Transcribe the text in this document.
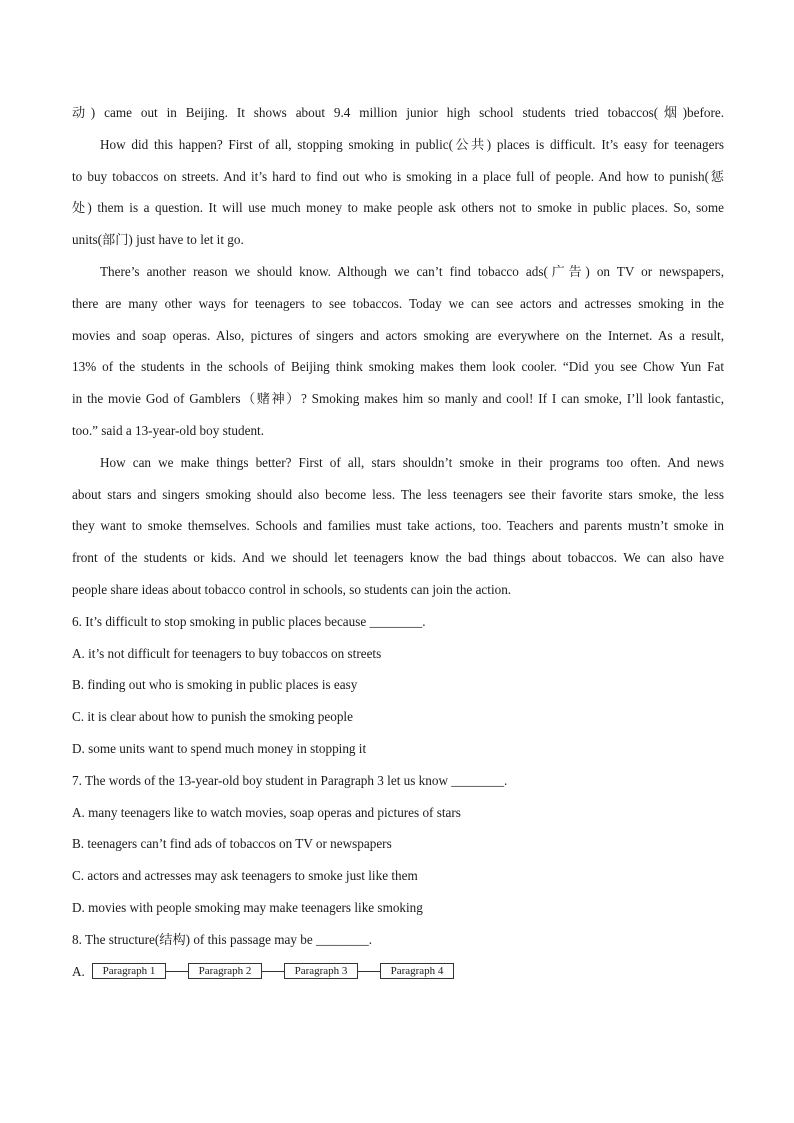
动) came out in Beijing. It shows about 9.4 million junior high school students tried tobaccos(烟)before.
How did this happen? First of all, stopping smoking in public(公共) places is difficult. It’s easy for teenagers
to buy tobaccos on streets. And it’s hard to find out who is smoking in a place full of people. And how to punish(惩
处) them is a question. It will use much money to make people ask others not to smoke in public places. So, some
units(部门) just have to let it go.
There’s another reason we should know. Although we can’t find tobacco ads(广告) on TV or newspapers,
there are many other ways for teenagers to see tobaccos. Today we can see actors and actresses smoking in the
movies and soap operas. Also, pictures of singers and actors smoking are everywhere on the Internet. As a result,
13% of the students in the schools of Beijing think smoking makes them look cooler. “Did you see Chow Yun Fat
in the movie God of Gamblers（赌神）? Smoking makes him so manly and cool! If I can smoke, I’ll look fantastic,
too.” said a 13-year-old boy student.
How can we make things better? First of all, stars shouldn’t smoke in their programs too often. And news
about stars and singers smoking should also become less. The less teenagers see their favorite stars smoke, the less
they want to smoke themselves. Schools and families must take actions, too. Teachers and parents mustn’t smoke in
front of the students or kids. And we should let teenagers know the bad things about tobaccos. We can also have
people share ideas about tobacco control in schools, so students can join the action.
6. It’s difficult to stop smoking in public places because ________.
A. it’s not difficult for teenagers to buy tobaccos on streets
B. finding out who is smoking in public places is easy
C. it is clear about how to punish the smoking people
D. some units want to spend much money in stopping it
7. The words of the 13-year-old boy student in Paragraph 3 let us know ________.
A. many teenagers like to watch movies, soap operas and pictures of stars
B. teenagers can’t find ads of tobaccos on TV or newspapers
C. actors and actresses may ask teenagers to smoke just like them
D. movies with people smoking may make teenagers like smoking
8. The structure(结构) of this passage may be ________.
A.	Paragraph 1	Paragraph 2	Paragraph 3	Paragraph 4
